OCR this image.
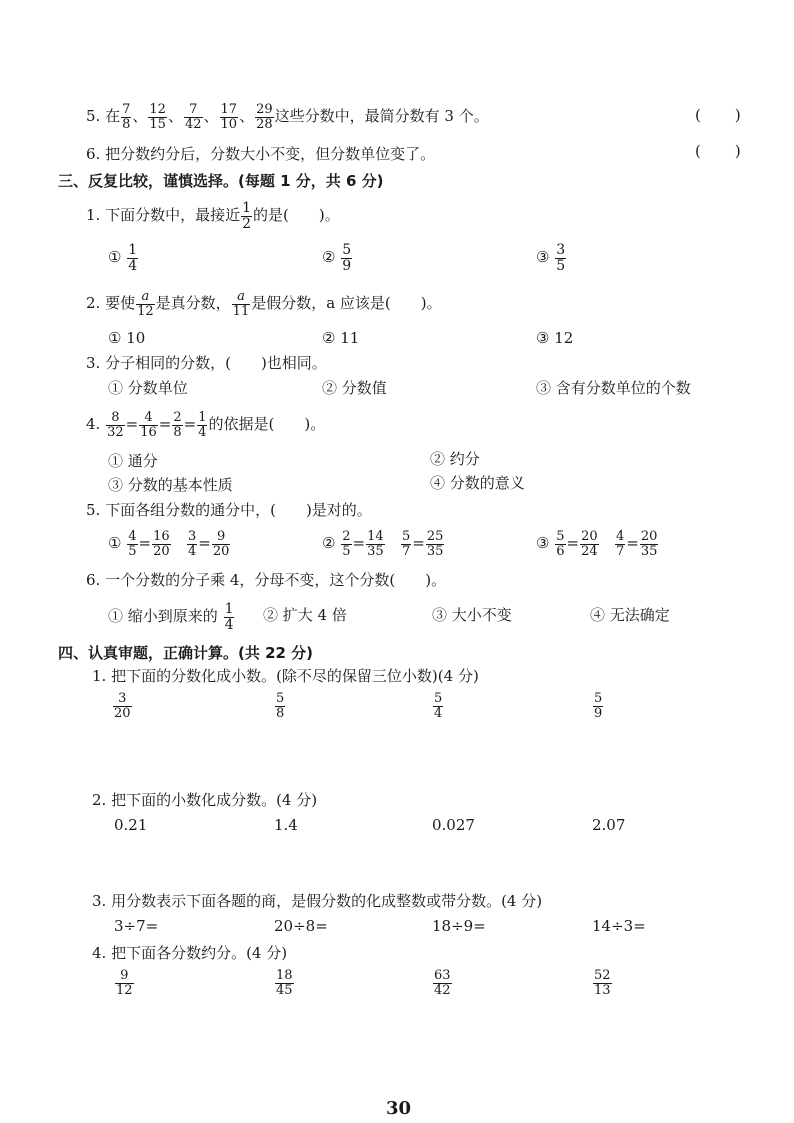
5. 在 $\frac{7}{8}$ 、 $\frac{12}{15}$ 、 $\frac{7}{42}$ 、 $\frac{17}{10}$ 、 $\frac{29}{28}$ 这些分数中，最简分数有 3 个。	( )
6. 把分数约分后，分数大小不变，但分数单位变了。	( )
三、反复比较，谨慎选择。(每题 1 分，共 6 分)
1. 下面分数中，最接近 $\frac{1}{2}$ 的是(　　)。
① $\frac{1}{4}$	② $\frac{5}{9}$	③ $\frac{3}{5}$
2. 要使 $\frac{a}{12}$ 是真分数， $\frac{a}{11}$ 是假分数，a 应该是(　　)。
① 10	② 11	③ 12
3. 分子相同的分数，(　　)也相同。
① 分数单位	② 分数值	③ 含有分数单位的个数
4. $\frac{8}{32} = \frac{4}{16} = \frac{2}{8} = \frac{1}{4}$ 的依据是(　　)。
① 通分	② 约分
③ 分数的基本性质	④ 分数的意义
5. 下面各组分数的通分中，(　　)是对的。
① $\frac{4}{5} = \frac{16}{20}$
$\frac{3}{4} = \frac{9}{20}$	② $\frac{2}{5} = \frac{14}{35}$
$\frac{5}{7} = \frac{25}{35}$	③ $\frac{5}{6} = \frac{20}{24}$
$\frac{4}{7} = \frac{20}{35}$
6. 一个分数的分子乘 4，分母不变，这个分数(　　)。
① 缩小到原来的 $\frac{1}{4}$ ② 扩大 4 倍	③ 大小不变	④ 无法确定
四、认真审题，正确计算。(共 22 分)
1. 把下面的分数化成小数。(除不尽的保留三位小数)(4 分)
$\frac{3}{20}$	$\frac{5}{8}$	$\frac{5}{4}$	$\frac{5}{9}$
2. 把下面的小数化成分数。(4 分)
0.21	1.4	0.027	2.07
3. 用分数表示下面各题的商，是假分数的化成整数或带分数。(4 分)
3÷7=	20÷8=	18÷9=	14÷3=
4. 把下面各分数约分。(4 分)
$\frac{9}{12}$	$\frac{18}{45}$	$\frac{63}{42}$	$\frac{52}{13}$
30
